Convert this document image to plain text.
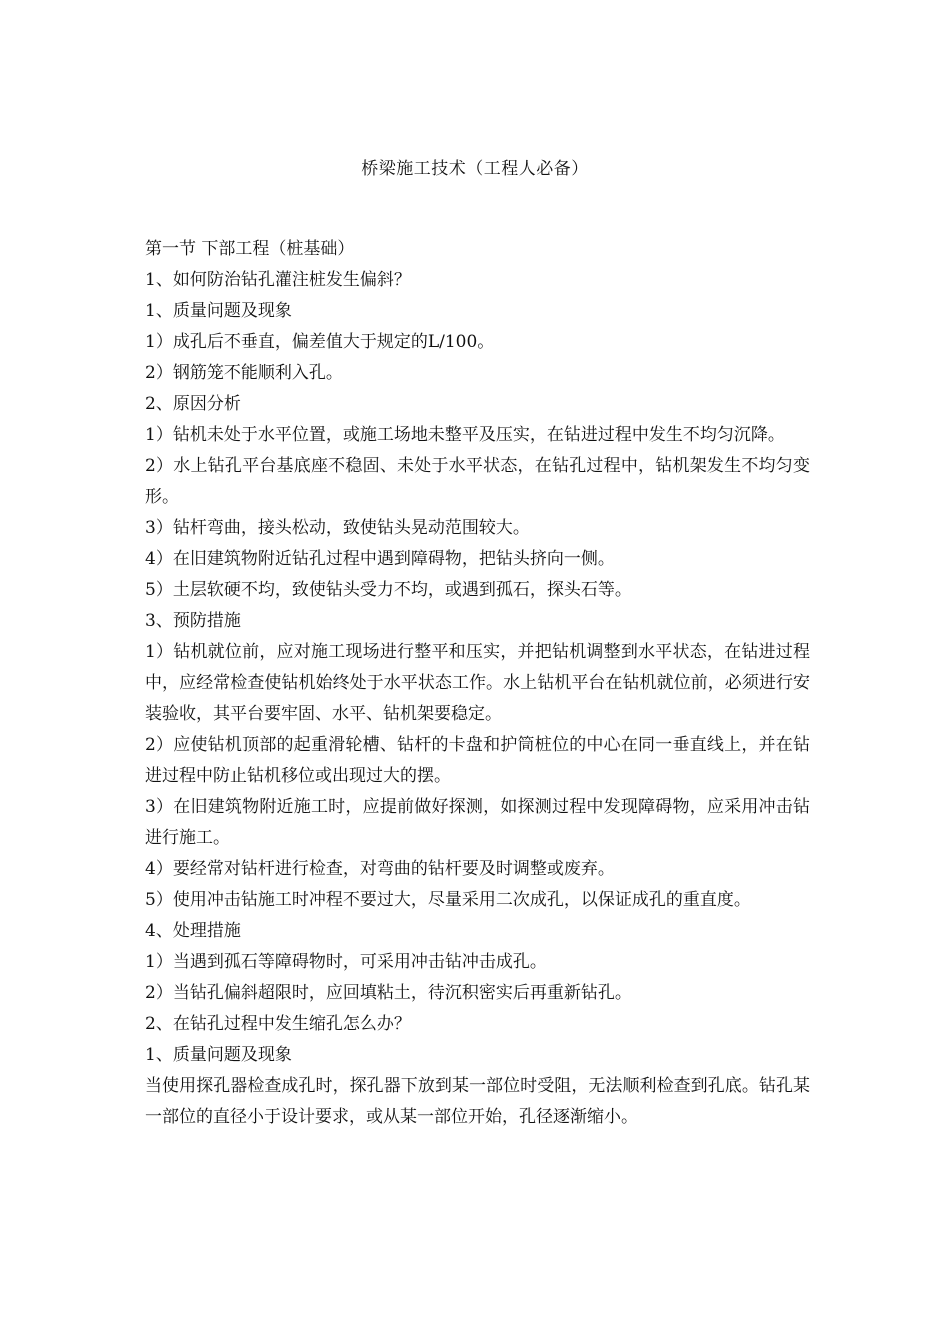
桥梁施工技术（工程人必备）

第一节 下部工程（桩基础）

1、如何防治钻孔灌注桩发生偏斜？

1、质量问题及现象

1）成孔后不垂直，偏差值大于规定的L/100。

2）钢筋笼不能顺利入孔。

2、原因分析

1）钻机未处于水平位置，或施工场地未整平及压实，在钻进过程中发生不均匀沉降。

2）水上钻孔平台基底座不稳固、未处于水平状态，在钻孔过程中，钻机架发生不均匀变形。

3）钻杆弯曲，接头松动，致使钻头晃动范围较大。

4）在旧建筑物附近钻孔过程中遇到障碍物，把钻头挤向一侧。

5）土层软硬不均，致使钻头受力不均，或遇到孤石，探头石等。

3、预防措施

1）钻机就位前，应对施工现场进行整平和压实，并把钻机调整到水平状态，在钻进过程中，应经常检查使钻机始终处于水平状态工作。水上钻机平台在钻机就位前，必须进行安装验收，其平台要牢固、水平、钻机架要稳定。

2）应使钻机顶部的起重滑轮槽、钻杆的卡盘和护筒桩位的中心在同一垂直线上，并在钻进过程中防止钻机移位或出现过大的摆。

3）在旧建筑物附近施工时，应提前做好探测，如探测过程中发现障碍物，应采用冲击钻进行施工。

4）要经常对钻杆进行检查，对弯曲的钻杆要及时调整或废弃。

5）使用冲击钻施工时冲程不要过大，尽量采用二次成孔，以保证成孔的重直度。

4、处理措施

1）当遇到孤石等障碍物时，可采用冲击钻冲击成孔。

2）当钻孔偏斜超限时，应回填粘土，待沉积密实后再重新钻孔。

2、在钻孔过程中发生缩孔怎么办？

1、质量问题及现象

当使用探孔器检查成孔时，探孔器下放到某一部位时受阻，无法顺利检查到孔底。钻孔某一部位的直径小于设计要求，或从某一部位开始，孔径逐渐缩小。
